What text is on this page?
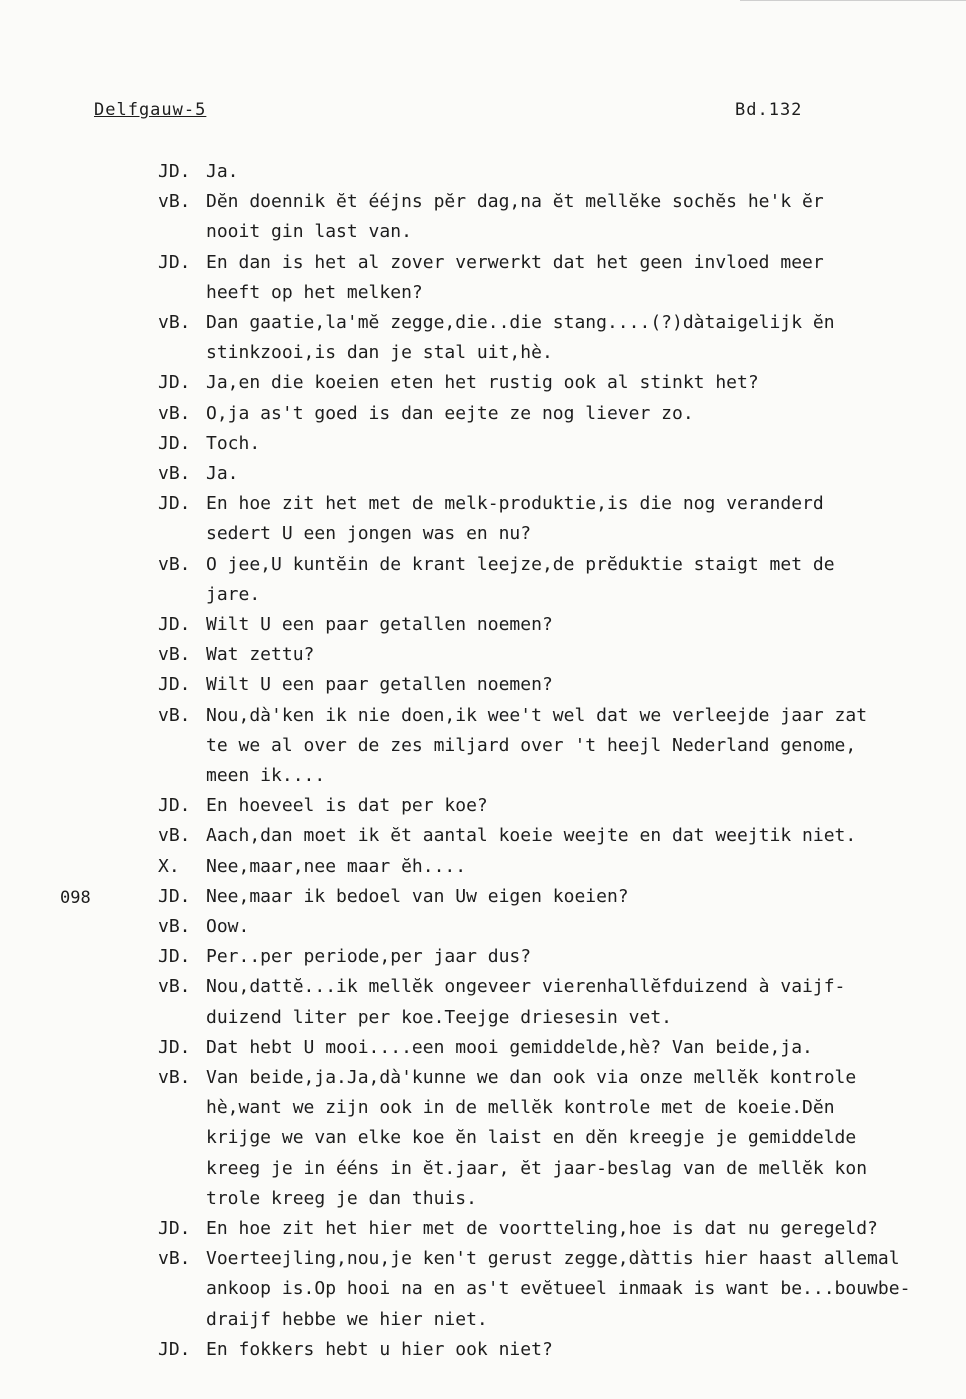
Delfgauw-5	Bd.132
098
JD. Ja.
vB. Dĕn doennik ĕt ééjns pĕr dag,na ĕt mellĕke sochĕs he'k ĕr
nooit gin last van.
JD. En dan is het al zover verwerkt dat het geen invloed meer
heeft op het melken?
vB. Dan gaatie,la'mĕ zegge,die..die stang....(?)dàtaigelijk ĕn
stinkzooi,is dan je stal uit,hè.
JD. Ja,en die koeien eten het rustig ook al stinkt het?
vB. O,ja as't goed is dan eejte ze nog liever zo.
JD. Toch.
vB. Ja.
JD. En hoe zit het met de melk-produktie,is die nog veranderd
sedert U een jongen was en nu?
vB. O jee,U kuntĕin de krant leejze,de prĕduktie staigt met de
jare.
JD. Wilt U een paar getallen noemen?
vB. Wat zettu?
JD. Wilt U een paar getallen noemen?
vB. Nou,dà'ken ik nie doen,ik wee't wel dat we verleejde jaar zat
te we al over de zes miljard over 't heejl Nederland genome,
meen ik....
JD. En hoeveel is dat per koe?
vB. Aach,dan moet ik ĕt aantal koeie weejte en dat weejtik niet.
X. Nee,maar,nee maar ĕh....
JD. Nee,maar ik bedoel van Uw eigen koeien?
vB. Oow.
JD. Per..per periode,per jaar dus?
vB. Nou,dattĕ...ik mellĕk ongeveer vierenhallĕfduizend à vaijf-
duizend liter per koe.Teejge driesesin vet.
JD. Dat hebt U mooi....een mooi gemiddelde,hè? Van beide,ja.
vB. Van beide,ja.Ja,dà'kunne we dan ook via onze mellĕk kontrole
hè,want we zijn ook in de mellĕk kontrole met de koeie.Dĕn
krijge we van elke koe ĕn laist en dĕn kreegje je gemiddelde
kreeg je in ééns in ĕt.jaar, ĕt jaar-beslag van de mellĕk kon
trole kreeg je dan thuis.
JD. En hoe zit het hier met de voortteling,hoe is dat nu geregeld?
vB. Voerteejling,nou,je ken't gerust zegge,dàttis hier haast allemal
ankoop is.Op hooi na en as't evĕtueel inmaak is want be...bouwbe-
draijf hebbe we hier niet.
JD. En fokkers hebt u hier ook niet?
